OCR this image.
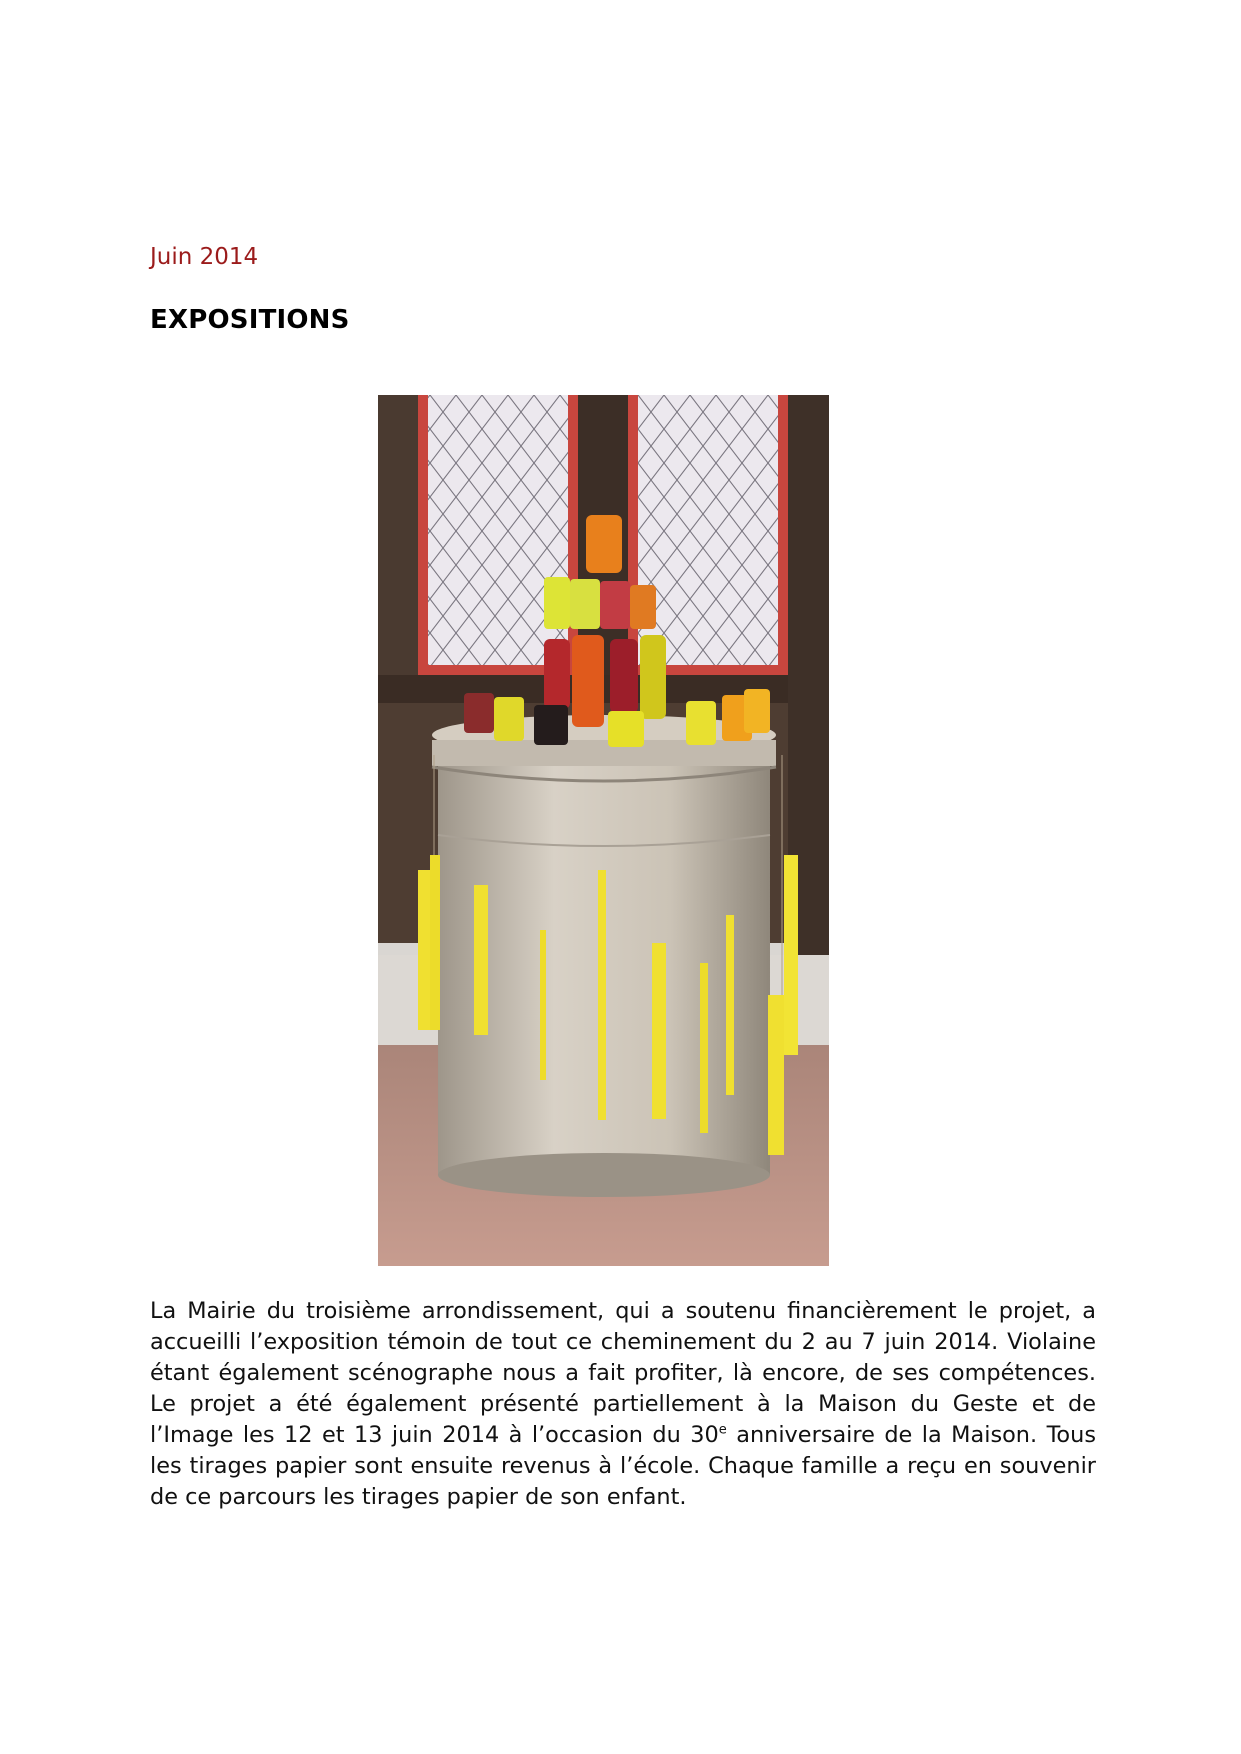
Juin 2014
EXPOSITIONS
La Mairie du troisième arrondissement, qui a soutenu financièrement le projet, a accueilli l’exposition témoin de tout ce cheminement du 2 au 7 juin 2014. Violaine étant également scénographe nous a fait profiter, là encore, de ses compétences. Le projet a été également présenté partiellement à la Maison du Geste et de l’Image les 12 et 13 juin 2014 à l’occasion du 30e anniversaire de la Maison. Tous les tirages papier sont ensuite revenus à l’école. Chaque famille a reçu en souvenir de ce parcours les tirages papier de son enfant.
